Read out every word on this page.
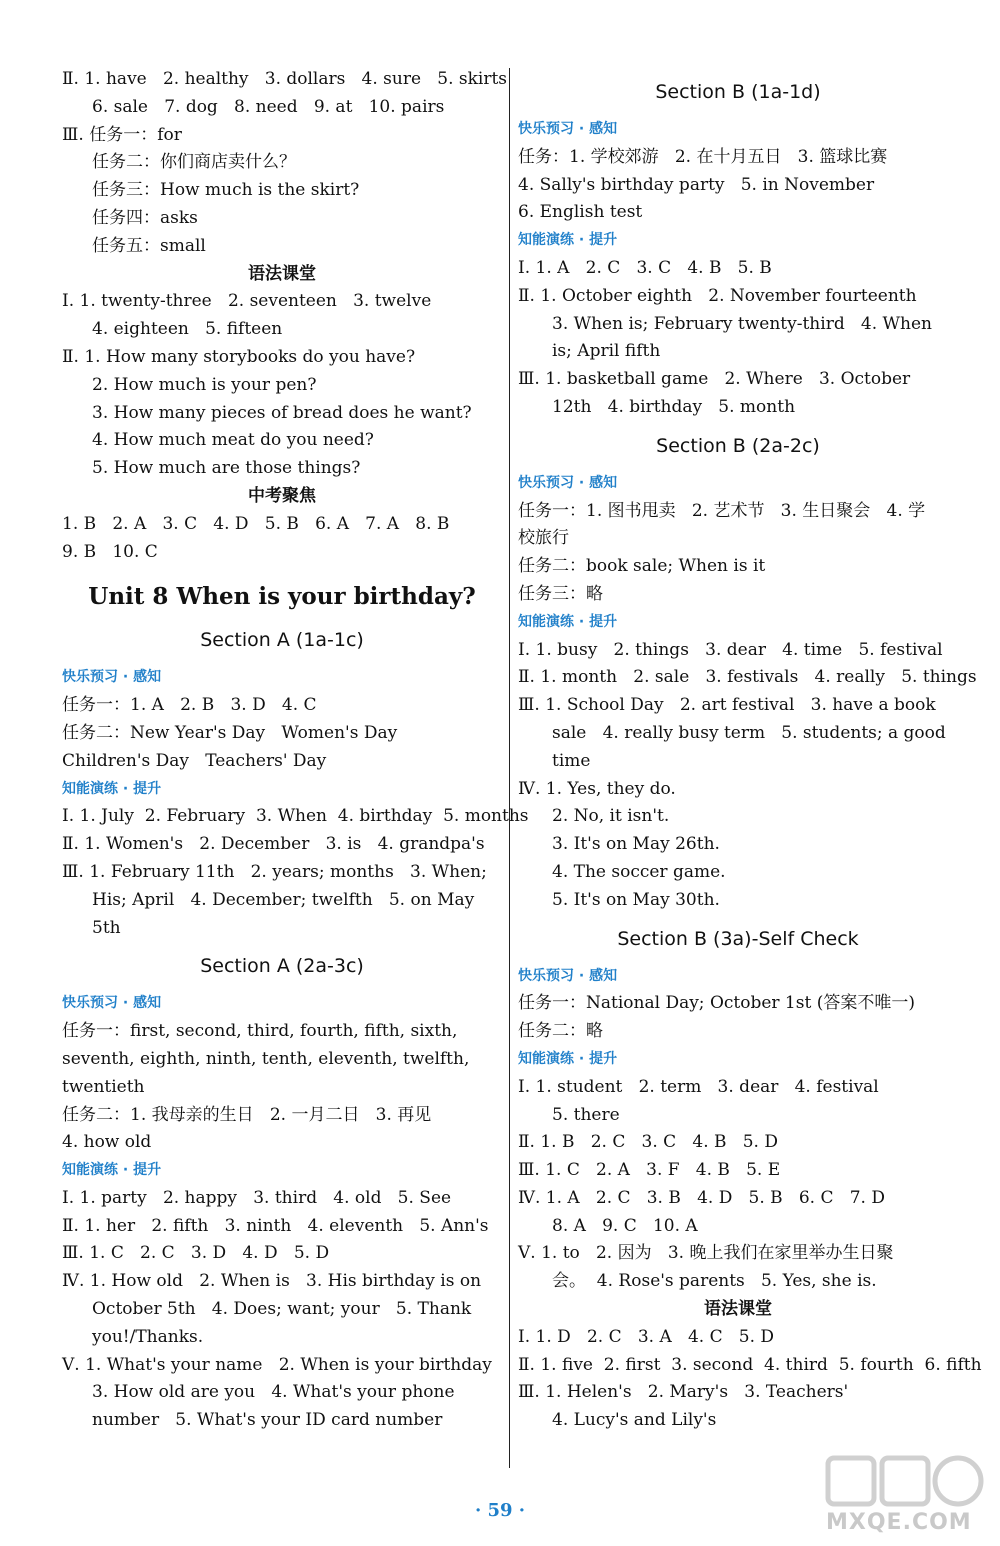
Ⅱ. 1. have   2. healthy   3. dollars   4. sure   5. skirts
6. sale   7. dog   8. need   9. at   10. pairs
Ⅲ. 任务一：for
任务二：你们商店卖什么？
任务三：How much is the skirt?
任务四：asks
任务五：small
语法课堂
Ⅰ. 1. twenty-three   2. seventeen   3. twelve
4. eighteen   5. fifteen
Ⅱ. 1. How many storybooks do you have?
2. How much is your pen?
3. How many pieces of bread does he want?
4. How much meat do you need?
5. How much are those things?
中考聚焦
1. B   2. A   3. C   4. D   5. B   6. A   7. A   8. B
9. B   10. C
Unit 8 When is your birthday?
Section A (1a-1c)
快乐预习 · 感知
任务一：1. A   2. B   3. D   4. C
任务二：New Year's Day   Women's Day
Children's Day   Teachers' Day
知能演练 · 提升
Ⅰ. 1. July  2. February  3. When  4. birthday  5. months
Ⅱ. 1. Women's   2. December   3. is   4. grandpa's
Ⅲ. 1. February 11th   2. years; months   3. When;
His; April   4. December; twelfth   5. on May
5th
Section A (2a-3c)
快乐预习 · 感知
任务一：first, second, third, fourth, fifth, sixth,
seventh, eighth, ninth, tenth, eleventh, twelfth,
twentieth
任务二：1. 我母亲的生日   2. 一月二日   3. 再见
4. how old
知能演练 · 提升
Ⅰ. 1. party   2. happy   3. third   4. old   5. See
Ⅱ. 1. her   2. fifth   3. ninth   4. eleventh   5. Ann's
Ⅲ. 1. C   2. C   3. D   4. D   5. D
Ⅳ. 1. How old   2. When is   3. His birthday is on
October 5th   4. Does; want; your   5. Thank
you!/Thanks.
Ⅴ. 1. What's your name   2. When is your birthday
3. How old are you   4. What's your phone
number   5. What's your ID card number
Section B (1a-1d)
快乐预习 · 感知
任务：1. 学校郊游   2. 在十月五日   3. 篮球比赛
4. Sally's birthday party   5. in November
6. English test
知能演练 · 提升
Ⅰ. 1. A   2. C   3. C   4. B   5. B
Ⅱ. 1. October eighth   2. November fourteenth
3. When is; February twenty-third   4. When
is; April fifth
Ⅲ. 1. basketball game   2. Where   3. October
12th   4. birthday   5. month
Section B (2a-2c)
快乐预习 · 感知
任务一：1. 图书甩卖   2. 艺术节   3. 生日聚会   4. 学
校旅行
任务二：book sale; When is it
任务三：略
知能演练 · 提升
Ⅰ. 1. busy   2. things   3. dear   4. time   5. festival
Ⅱ. 1. month   2. sale   3. festivals   4. really   5. things
Ⅲ. 1. School Day   2. art festival   3. have a book
sale   4. really busy term   5. students; a good
time
Ⅳ. 1. Yes, they do.
2. No, it isn't.
3. It's on May 26th.
4. The soccer game.
5. It's on May 30th.
Section B (3a)-Self Check
快乐预习 · 感知
任务一：National Day; October 1st (答案不唯一)
任务二：略
知能演练 · 提升
Ⅰ. 1. student   2. term   3. dear   4. festival
5. there
Ⅱ. 1. B   2. C   3. C   4. B   5. D
Ⅲ. 1. C   2. A   3. F   4. B   5. E
Ⅳ. 1. A   2. C   3. B   4. D   5. B   6. C   7. D
8. A   9. C   10. A
Ⅴ. 1. to   2. 因为   3. 晚上我们在家里举办生日聚
会。  4. Rose's parents   5. Yes, she is.
语法课堂
Ⅰ. 1. D   2. C   3. A   4. C   5. D
Ⅱ. 1. five  2. first  3. second  4. third  5. fourth  6. fifth
Ⅲ. 1. Helen's   2. Mary's   3. Teachers'
4. Lucy's and Lily's
· 59 ·	MXQE.COM
